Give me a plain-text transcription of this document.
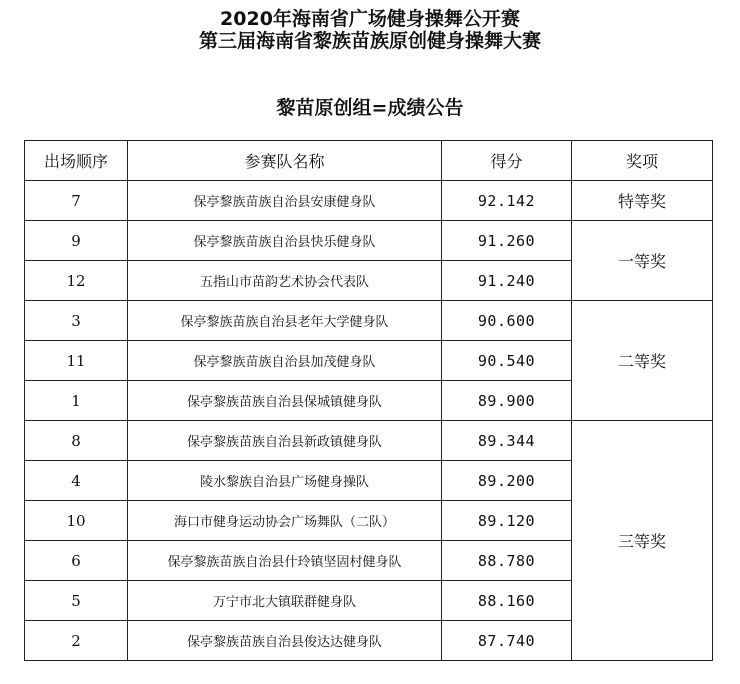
2020年海南省广场健身操舞公开赛
第三届海南省黎族苗族原创健身操舞大赛
黎苗原创组=成绩公告
出场顺序	参赛队名称	得分	奖项
7	保亭黎族苗族自治县安康健身队	92.142	特等奖
9	保亭黎族苗族自治县快乐健身队	91.260	一等奖
12	五指山市苗韵艺术协会代表队	91.240	
3	保亭黎族苗族自治县老年大学健身队	90.600	二等奖
11	保亭黎族苗族自治县加茂健身队	90.540	
1	保亭黎族苗族自治县保城镇健身队	89.900	
8	保亭黎族苗族自治县新政镇健身队	89.344	三等奖
4	陵水黎族自治县广场健身操队	89.200	
10	海口市健身运动协会广场舞队（二队）	89.120	
6	保亭黎族苗族自治县什玲镇坚固村健身队	88.780	
5	万宁市北大镇联群健身队	88.160	
2	保亭黎族苗族自治县俊达达健身队	87.740	
